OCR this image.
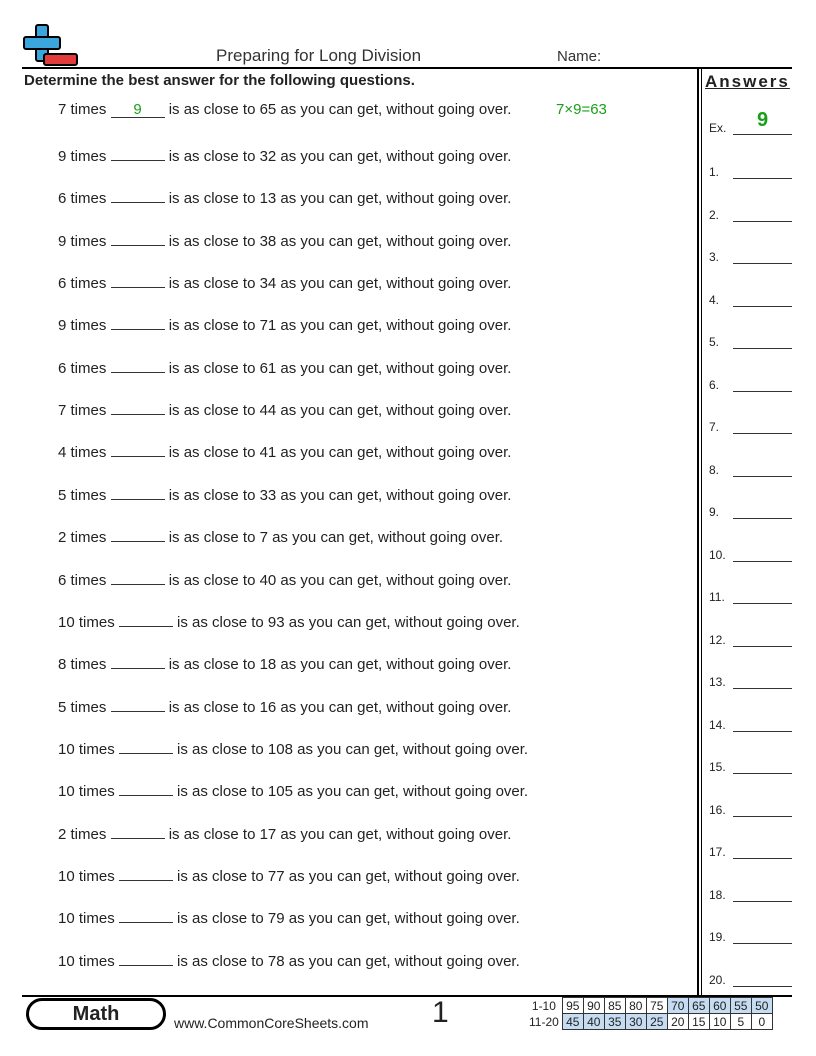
Preparing for Long Division	Name:
Determine the best answer for the following questions.	Answers
7 times 9 is as close to 65 as you can get, without going over.	7×9=63
9 times	is as close to 32 as you can get, without going over.
6 times	is as close to 13 as you can get, without going over.
9 times	is as close to 38 as you can get, without going over.
6 times	is as close to 34 as you can get, without going over.
9 times	is as close to 71 as you can get, without going over.
6 times	is as close to 61 as you can get, without going over.
7 times	is as close to 44 as you can get, without going over.
4 times	is as close to 41 as you can get, without going over.
5 times	is as close to 33 as you can get, without going over.
2 times	is as close to 7 as you can get, without going over.
6 times	is as close to 40 as you can get, without going over.
10 times	is as close to 93 as you can get, without going over.
8 times	is as close to 18 as you can get, without going over.
5 times	is as close to 16 as you can get, without going over.
10 times	is as close to 108 as you can get, without going over.
10 times	is as close to 105 as you can get, without going over.
2 times	is as close to 17 as you can get, without going over.
10 times	is as close to 77 as you can get, without going over.
10 times	is as close to 79 as you can get, without going over.
10 times	is as close to 78 as you can get, without going over.
Ex.	9
1.
2.
3.
4.
5.
6.
7.
8.
9.
10.
11.
12.
13.
14.
15.
16.
17.
18.
19.
20.
Math	www.CommonCoreSheets.com 1	1-10	95	90	85	80	75	70	65	60	55	50
11-20	45	40	35	30	25	20	15	10	5	0
